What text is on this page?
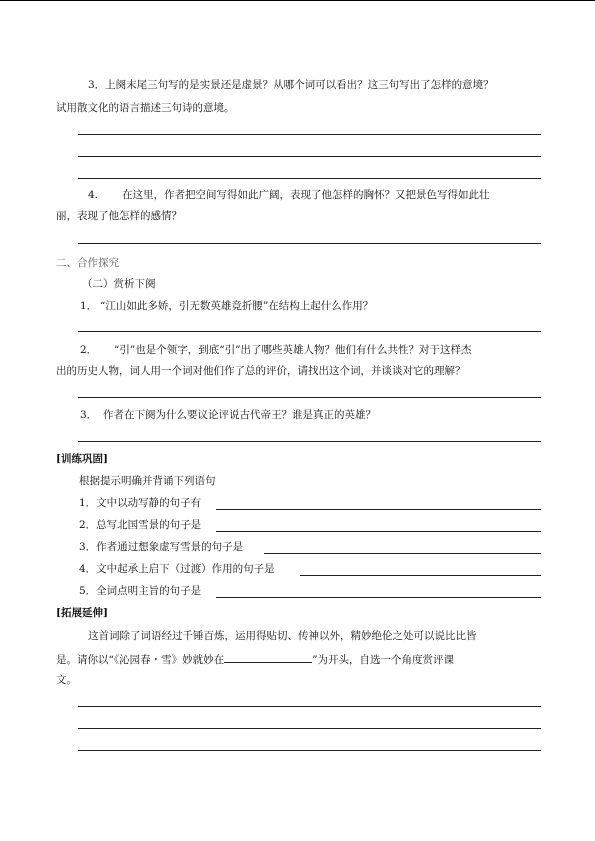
3．上阕末尾三句写的是实景还是虚景？从哪个词可以看出？这三句写出了怎样的意境？
试用散文化的语言描述三句诗的意境。
4. 在这里，作者把空间写得如此广阔，表现了他怎样的胸怀？又把景色写得如此壮
丽，表现了他怎样的感情？
二、合作探究
（二）赏析下阕
1． “江山如此多娇，引无数英雄竞折腰”在结构上起什么作用？
2． “引”也是个领字，到底“引”出了哪些英雄人物？他们有什么共性？对于这样杰
出的历史人物，词人用一个词对他们作了总的评价，请找出这个词，并谈谈对它的理解？
3． 作者在下阕为什么要议论评说古代帝王？谁是真正的英雄？
[训练巩固]
根据提示明确并背诵下列语句
1．文中以动写静的句子有
2．总写北国雪景的句子是
3．作者通过想象虚写雪景的句子是
4．文中起承上启下（过渡）作用的句子是
5．全词点明主旨的句子是
[拓展延伸]
这首词除了词语经过千锤百炼，运用得贴切、传神以外，精妙绝伦之处可以说比比皆
是。请你以“《沁园春・雪》妙就妙在	”为开头，自选一个角度赏评课
文。
